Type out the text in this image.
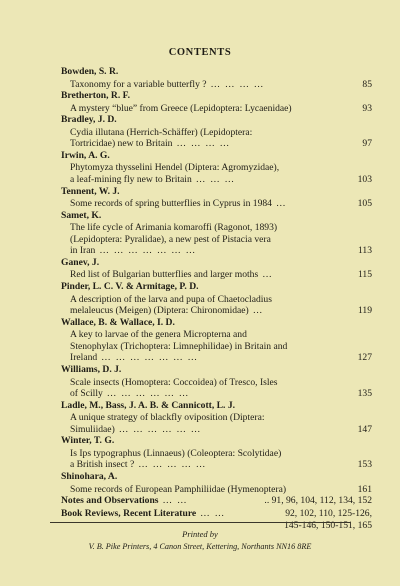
CONTENTS
Bowden, S. R.
Taxonomy for a variable butterfly ? … … … …	85
Bretherton, R. F.
A mystery “blue” from Greece (Lepidoptera: Lycaenidae)	93
Bradley, J. D.
Cydia illutana (Herrich-Schäffer) (Lepidoptera:
Tortricidae) new to Britain … … … …	97
Irwin, A. G.
Phytomyza thysselini Hendel (Diptera: Agromyzidae),
a leaf-mining fly new to Britain … … …	103
Tennent, W. J.
Some records of spring butterflies in Cyprus in 1984 …	105
Samet, K.
The life cycle of Arimania komaroffi (Ragonot, 1893)
(Lepidoptera: Pyralidae), a new pest of Pistacia vera
in Iran … … … … … … …	113
Ganev, J.
Red list of Bulgarian butterflies and larger moths …	115
Pinder, L. C. V. & Armitage, P. D.
A description of the larva and pupa of Chaetocladius
melaleucus (Meigen) (Diptera: Chironomidae) …	119
Wallace, B. & Wallace, I. D.
A key to larvae of the genera Micropterna and
Stenophylax (Trichoptera: Limnephilidae) in Britain and
Ireland … … … … … … …	127
Williams, D. J.
Scale insects (Homoptera: Coccoidea) of Tresco, Isles
of Scilly … … … … … …	135
Ladle, M., Bass, J. A. B. & Cannicott, L. J.
A unique strategy of blackfly oviposition (Diptera:
Simuliidae) … … … … … …	147
Winter, T. G.
Is Ips typographus (Linnaeus) (Coleoptera: Scolytidae)
a British insect ? … … … … …	153
Shinohara, A.
Some records of European Pamphiliidae (Hymenoptera)	161
Notes and Observations … …	.. 91, 96, 104, 112, 134, 152
Book Reviews, Recent Literature … …	92, 102, 110, 125-126,
145-146, 150-151, 165
Printed by
V. B. Pike Printers, 4 Canon Street, Kettering, Northants NN16 8RE
